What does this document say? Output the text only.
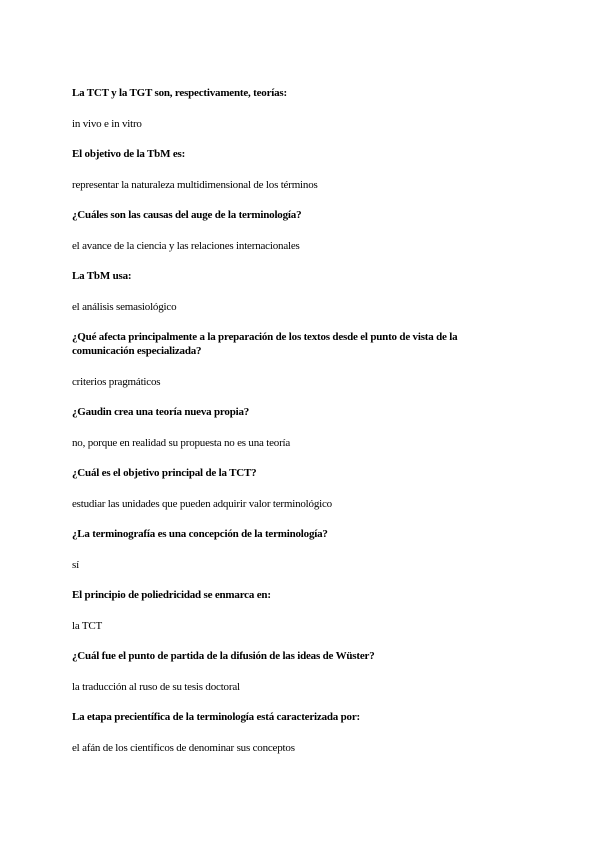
La TCT y la TGT son, respectivamente, teorías:

in vivo e in vitro

El objetivo de la TbM es:

representar la naturaleza multidimensional de los términos

¿Cuáles son las causas del auge de la terminología?

el avance de la ciencia y las relaciones internacionales

La TbM usa:

el análisis semasiológico

¿Qué afecta principalmente a la preparación de los textos desde el punto de vista de la comunicación especializada?

criterios pragmáticos

¿Gaudin crea una teoría nueva propia?

no, porque en realidad su propuesta no es una teoría

¿Cuál es el objetivo principal de la TCT?

estudiar las unidades que pueden adquirir valor terminológico

¿La terminografía es una concepción de la terminología?

sí

El principio de poliedricidad se enmarca en:

la TCT

¿Cuál fue el punto de partida de la difusión de las ideas de Wüster?

la traducción al ruso de su tesis doctoral

La etapa precientífica de la terminología está caracterizada por:

el afán de los científicos de denominar sus conceptos
